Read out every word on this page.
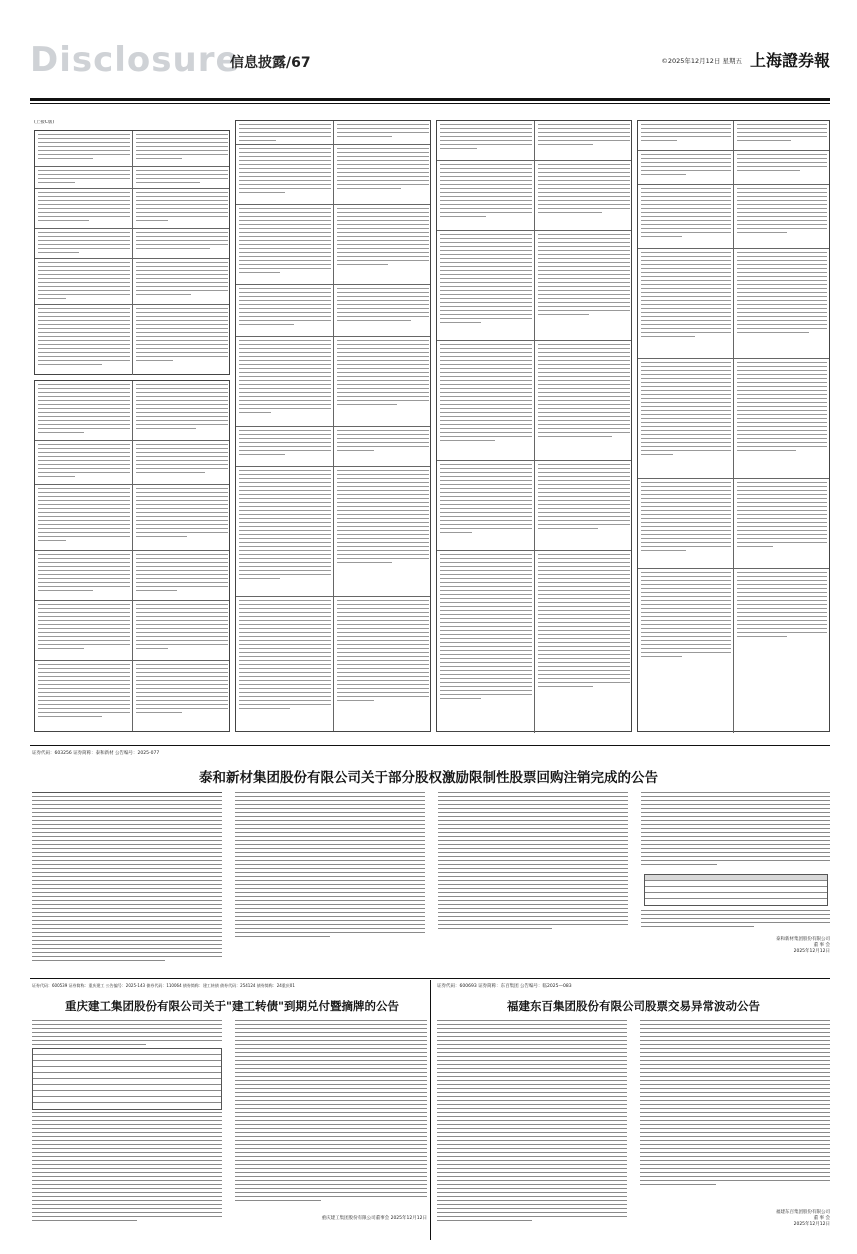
Disclosure
信息披露/67	©2025年12月12日 星期五 上海證券報
(上接C版)
证券代码：603256 证券简称：泰和新材 公告编号：2025-077
泰和新材集团股份有限公司关于部分股权激励限制性股票回购注销完成的公告
泰和新材集团股份有限公司
董 事 会
2025年12月12日
证券代码：600539 证券简称：重庆建工 公告编号：2025-143 债券代码：110064 债券简称：建工转债 债券代码：254124 债券简称：24重庆01
重庆建工集团股份有限公司关于"建工转债"到期兑付暨摘牌的公告
重庆建工集团股份有限公司董事会 2025年12月12日
证券代码：600693 证券简称：东百集团 公告编号：临2025—083
福建东百集团股份有限公司股票交易异常波动公告
福建东百集团股份有限公司
董 事 会
2025年12月12日
